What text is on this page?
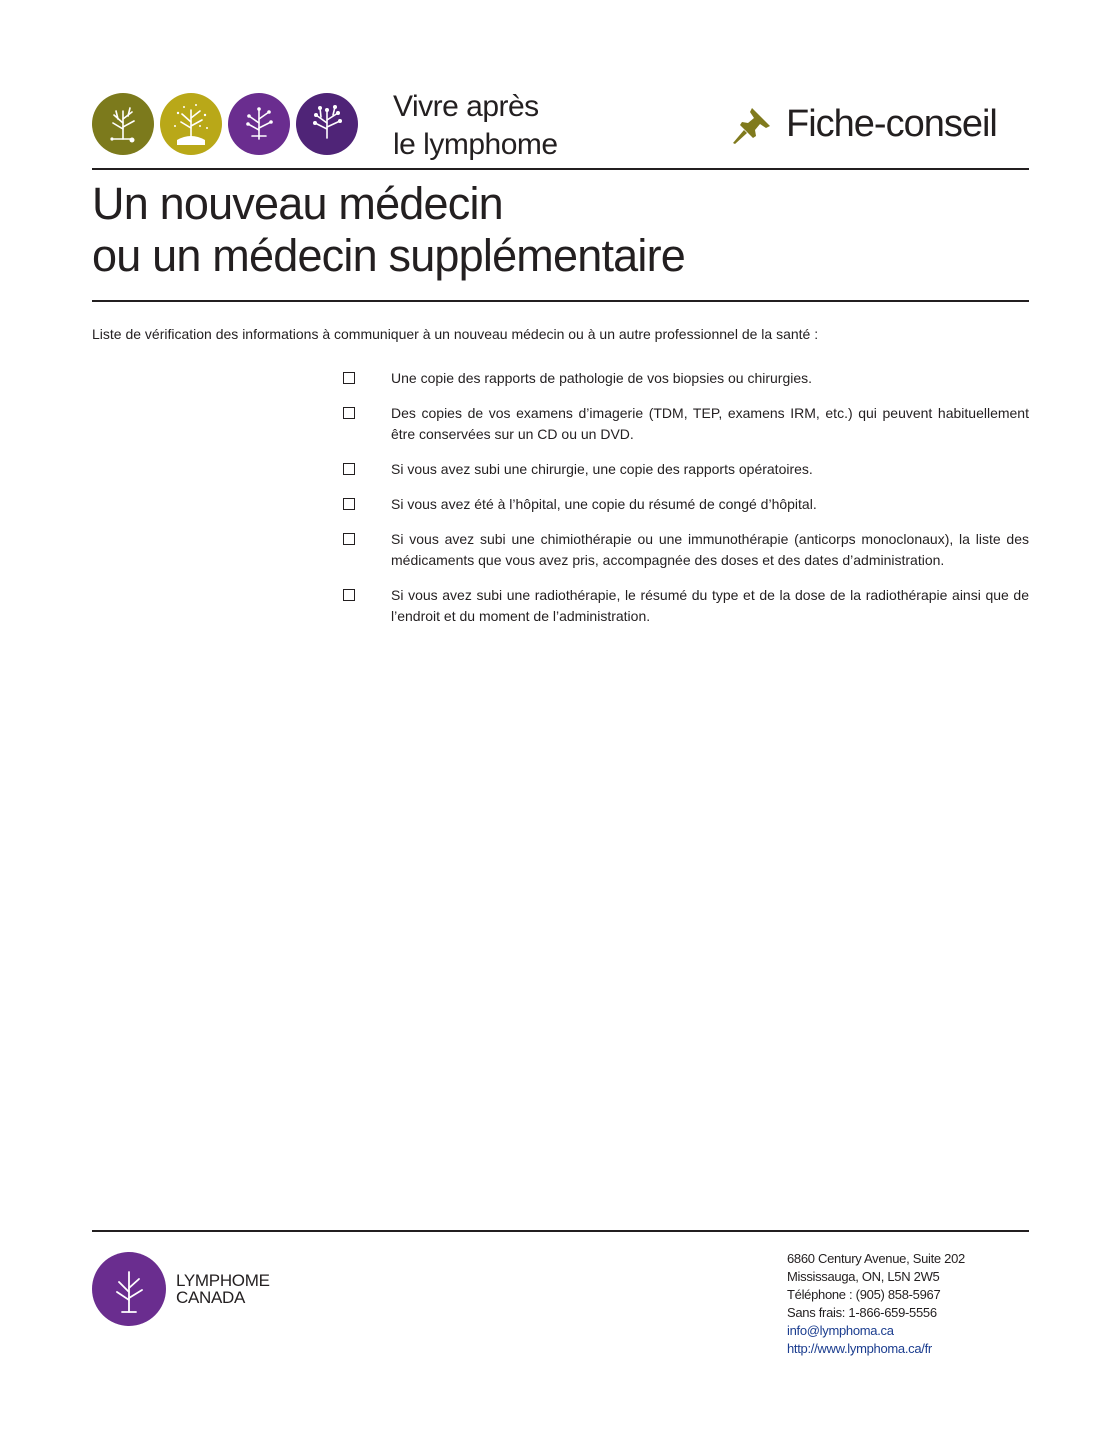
Vivre après
le lymphome	Fiche-conseil
Un nouveau médecin
ou un médecin supplémentaire
Liste de vérification des informations à communiquer à un nouveau médecin ou à un autre professionnel de la santé :
Une copie des rapports de pathologie de vos biopsies ou chirurgies.
Des copies de vos examens d’imagerie (TDM, TEP, examens IRM, etc.) qui peuvent habituellement être conservées sur un CD ou un DVD.
Si vous avez subi une chirurgie, une copie des rapports opératoires.
Si vous avez été à l’hôpital, une copie du résumé de congé d’hôpital.
Si vous avez subi une chimiothérapie ou une immunothérapie (anticorps monoclonaux), la liste des médicaments que vous avez pris, accompagnée des doses et des dates d’administration.
Si vous avez subi une radiothérapie, le résumé du type et de la dose de la radiothérapie ainsi que de l’endroit et du moment de l’administration.
LYMPHOME
CANADA
6860 Century Avenue, Suite 202
Mississauga, ON, L5N 2W5
Téléphone : (905) 858-5967
Sans frais: 1-866-659-5556
info@lymphoma.ca
http://www.lymphoma.ca/fr
